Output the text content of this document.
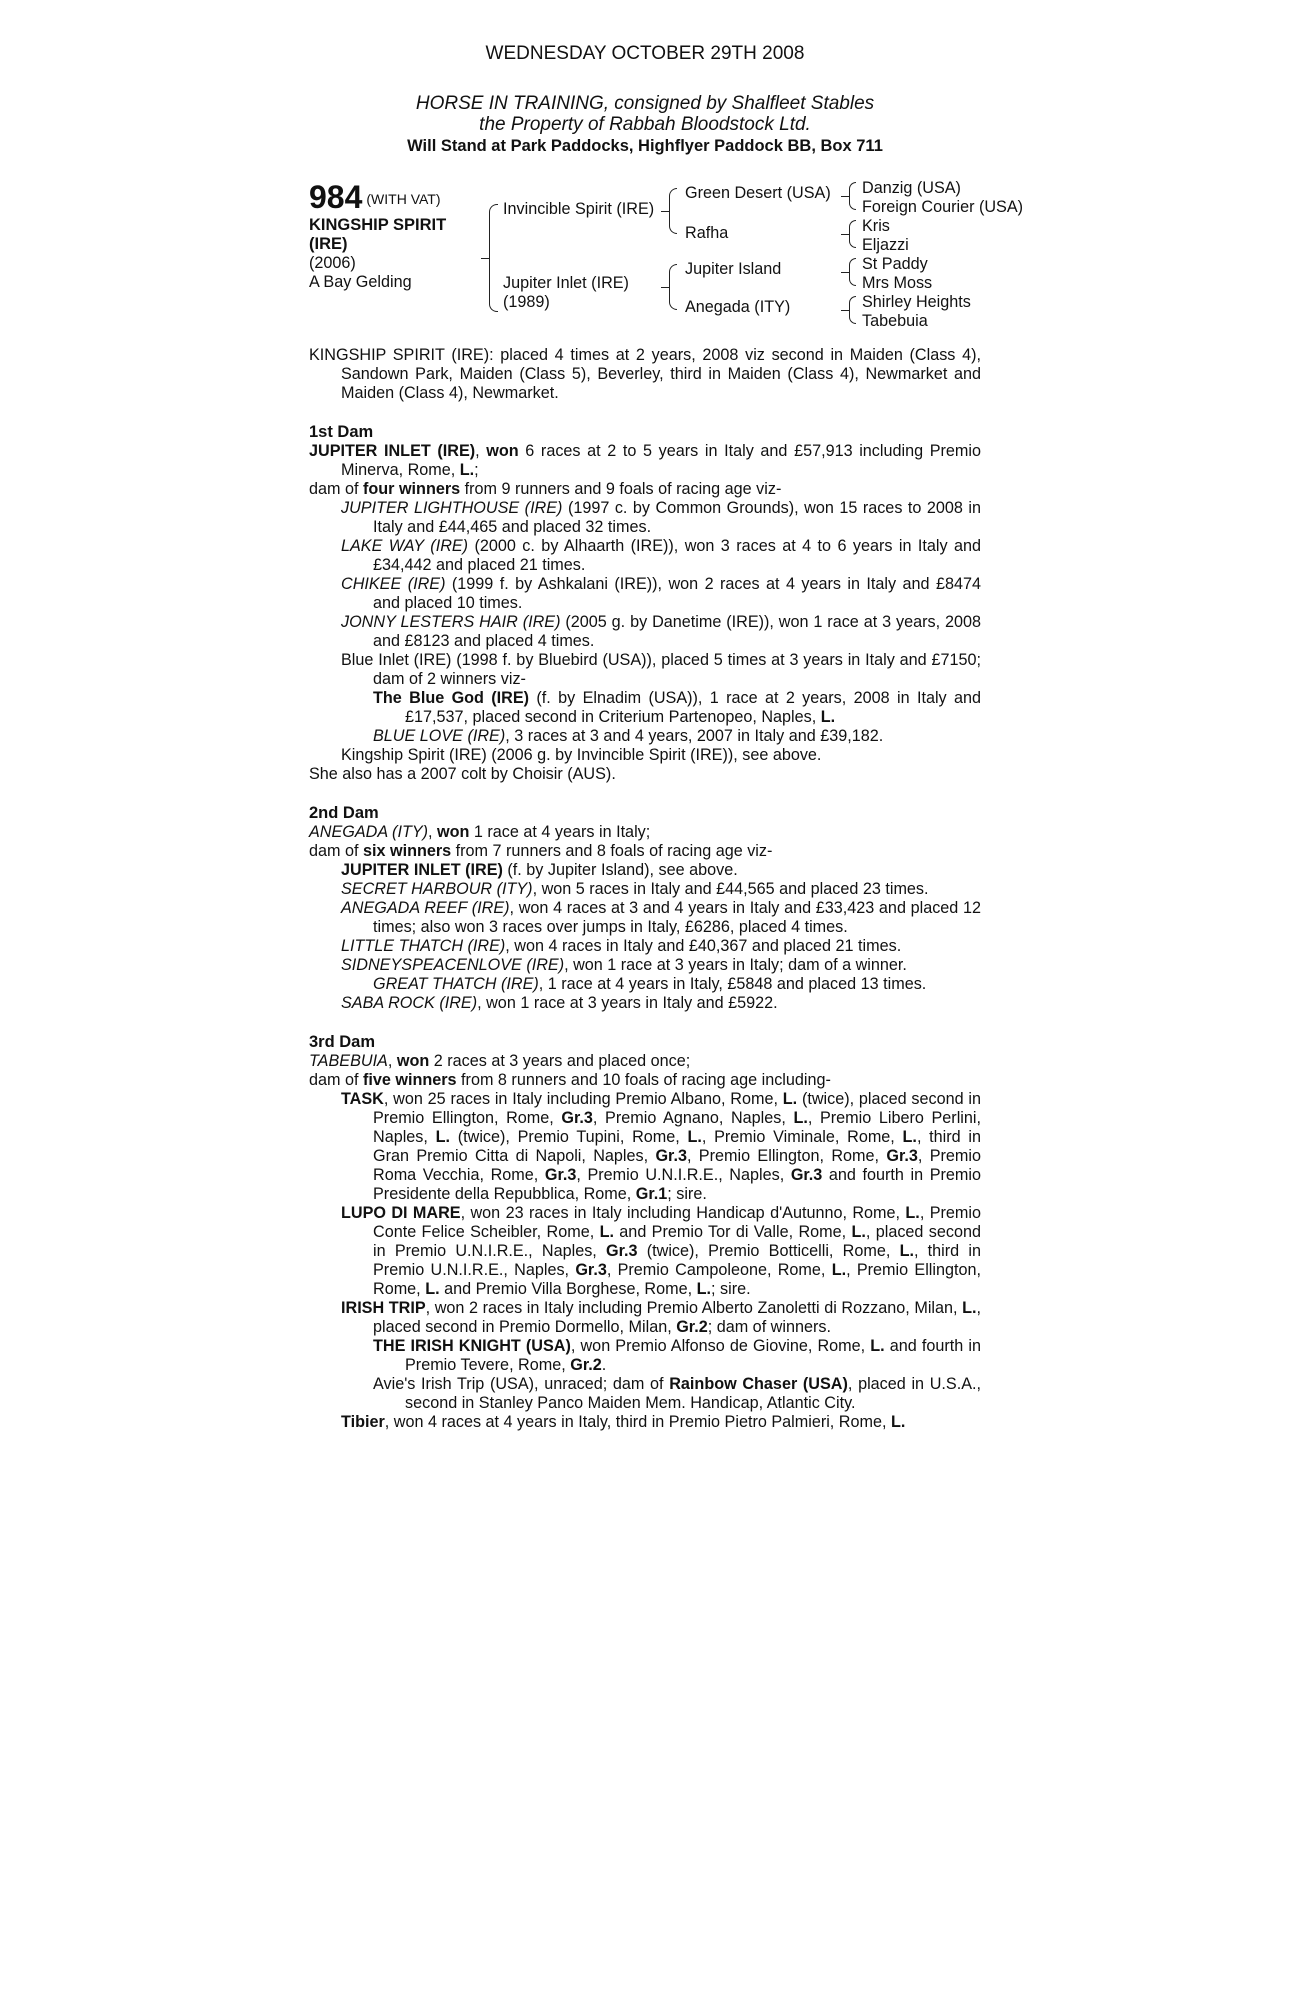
WEDNESDAY OCTOBER 29TH 2008
HORSE IN TRAINING, consigned by Shalfleet Stables
the Property of Rabbah Bloodstock Ltd.
Will Stand at Park Paddocks, Highflyer Paddock BB, Box 711
984 (WITH VAT)
KINGSHIP SPIRIT
(IRE)
(2006)
A Bay Gelding
Invincible Spirit (IRE)
Jupiter Inlet (IRE)
(1989)
Green Desert (USA)
Rafha
Jupiter Island
Anegada (ITY)
Danzig (USA)
Foreign Courier (USA)
Kris
Eljazzi
St Paddy
Mrs Moss
Shirley Heights
Tabebuia

KINGSHIP SPIRIT (IRE): placed 4 times at 2 years, 2008 viz second in Maiden (Class 4), Sandown Park, Maiden (Class 5), Beverley, third in Maiden (Class 4), Newmarket and Maiden (Class 4), Newmarket.

1st Dam

JUPITER INLET (IRE), won 6 races at 2 to 5 years in Italy and £57,913 including Premio Minerva, Rome, L.;

dam of four winners from 9 runners and 9 foals of racing age viz-

JUPITER LIGHTHOUSE (IRE) (1997 c. by Common Grounds), won 15 races to 2008 in Italy and £44,465 and placed 32 times.

LAKE WAY (IRE) (2000 c. by Alhaarth (IRE)), won 3 races at 4 to 6 years in Italy and £34,442 and placed 21 times.

CHIKEE (IRE) (1999 f. by Ashkalani (IRE)), won 2 races at 4 years in Italy and £8474 and placed 10 times.

JONNY LESTERS HAIR (IRE) (2005 g. by Danetime (IRE)), won 1 race at 3 years, 2008 and £8123 and placed 4 times.

Blue Inlet (IRE) (1998 f. by Bluebird (USA)), placed 5 times at 3 years in Italy and £7150; dam of 2 winners viz-

The Blue God (IRE) (f. by Elnadim (USA)), 1 race at 2 years, 2008 in Italy and £17,537, placed second in Criterium Partenopeo, Naples, L.

BLUE LOVE (IRE), 3 races at 3 and 4 years, 2007 in Italy and £39,182.

Kingship Spirit (IRE) (2006 g. by Invincible Spirit (IRE)), see above.

She also has a 2007 colt by Choisir (AUS).

2nd Dam

ANEGADA (ITY), won 1 race at 4 years in Italy;

dam of six winners from 7 runners and 8 foals of racing age viz-

JUPITER INLET (IRE) (f. by Jupiter Island), see above.

SECRET HARBOUR (ITY), won 5 races in Italy and £44,565 and placed 23 times.

ANEGADA REEF (IRE), won 4 races at 3 and 4 years in Italy and £33,423 and placed 12 times; also won 3 races over jumps in Italy, £6286, placed 4 times.

LITTLE THATCH (IRE), won 4 races in Italy and £40,367 and placed 21 times.

SIDNEYSPEACENLOVE (IRE), won 1 race at 3 years in Italy; dam of a winner.

GREAT THATCH (IRE), 1 race at 4 years in Italy, £5848 and placed 13 times.

SABA ROCK (IRE), won 1 race at 3 years in Italy and £5922.

3rd Dam

TABEBUIA, won 2 races at 3 years and placed once;

dam of five winners from 8 runners and 10 foals of racing age including-

TASK, won 25 races in Italy including Premio Albano, Rome, L. (twice), placed second in Premio Ellington, Rome, Gr.3, Premio Agnano, Naples, L., Premio Libero Perlini, Naples, L. (twice), Premio Tupini, Rome, L., Premio Viminale, Rome, L., third in Gran Premio Citta di Napoli, Naples, Gr.3, Premio Ellington, Rome, Gr.3, Premio Roma Vecchia, Rome, Gr.3, Premio U.N.I.R.E., Naples, Gr.3 and fourth in Premio Presidente della Repubblica, Rome, Gr.1; sire.

LUPO DI MARE, won 23 races in Italy including Handicap d'Autunno, Rome, L., Premio Conte Felice Scheibler, Rome, L. and Premio Tor di Valle, Rome, L., placed second in Premio U.N.I.R.E., Naples, Gr.3 (twice), Premio Botticelli, Rome, L., third in Premio U.N.I.R.E., Naples, Gr.3, Premio Campoleone, Rome, L., Premio Ellington, Rome, L. and Premio Villa Borghese, Rome, L.; sire.

IRISH TRIP, won 2 races in Italy including Premio Alberto Zanoletti di Rozzano, Milan, L., placed second in Premio Dormello, Milan, Gr.2; dam of winners.

THE IRISH KNIGHT (USA), won Premio Alfonso de Giovine, Rome, L. and fourth in Premio Tevere, Rome, Gr.2.

Avie's Irish Trip (USA), unraced; dam of Rainbow Chaser (USA), placed in U.S.A., second in Stanley Panco Maiden Mem. Handicap, Atlantic City.

Tibier, won 4 races at 4 years in Italy, third in Premio Pietro Palmieri, Rome, L.
